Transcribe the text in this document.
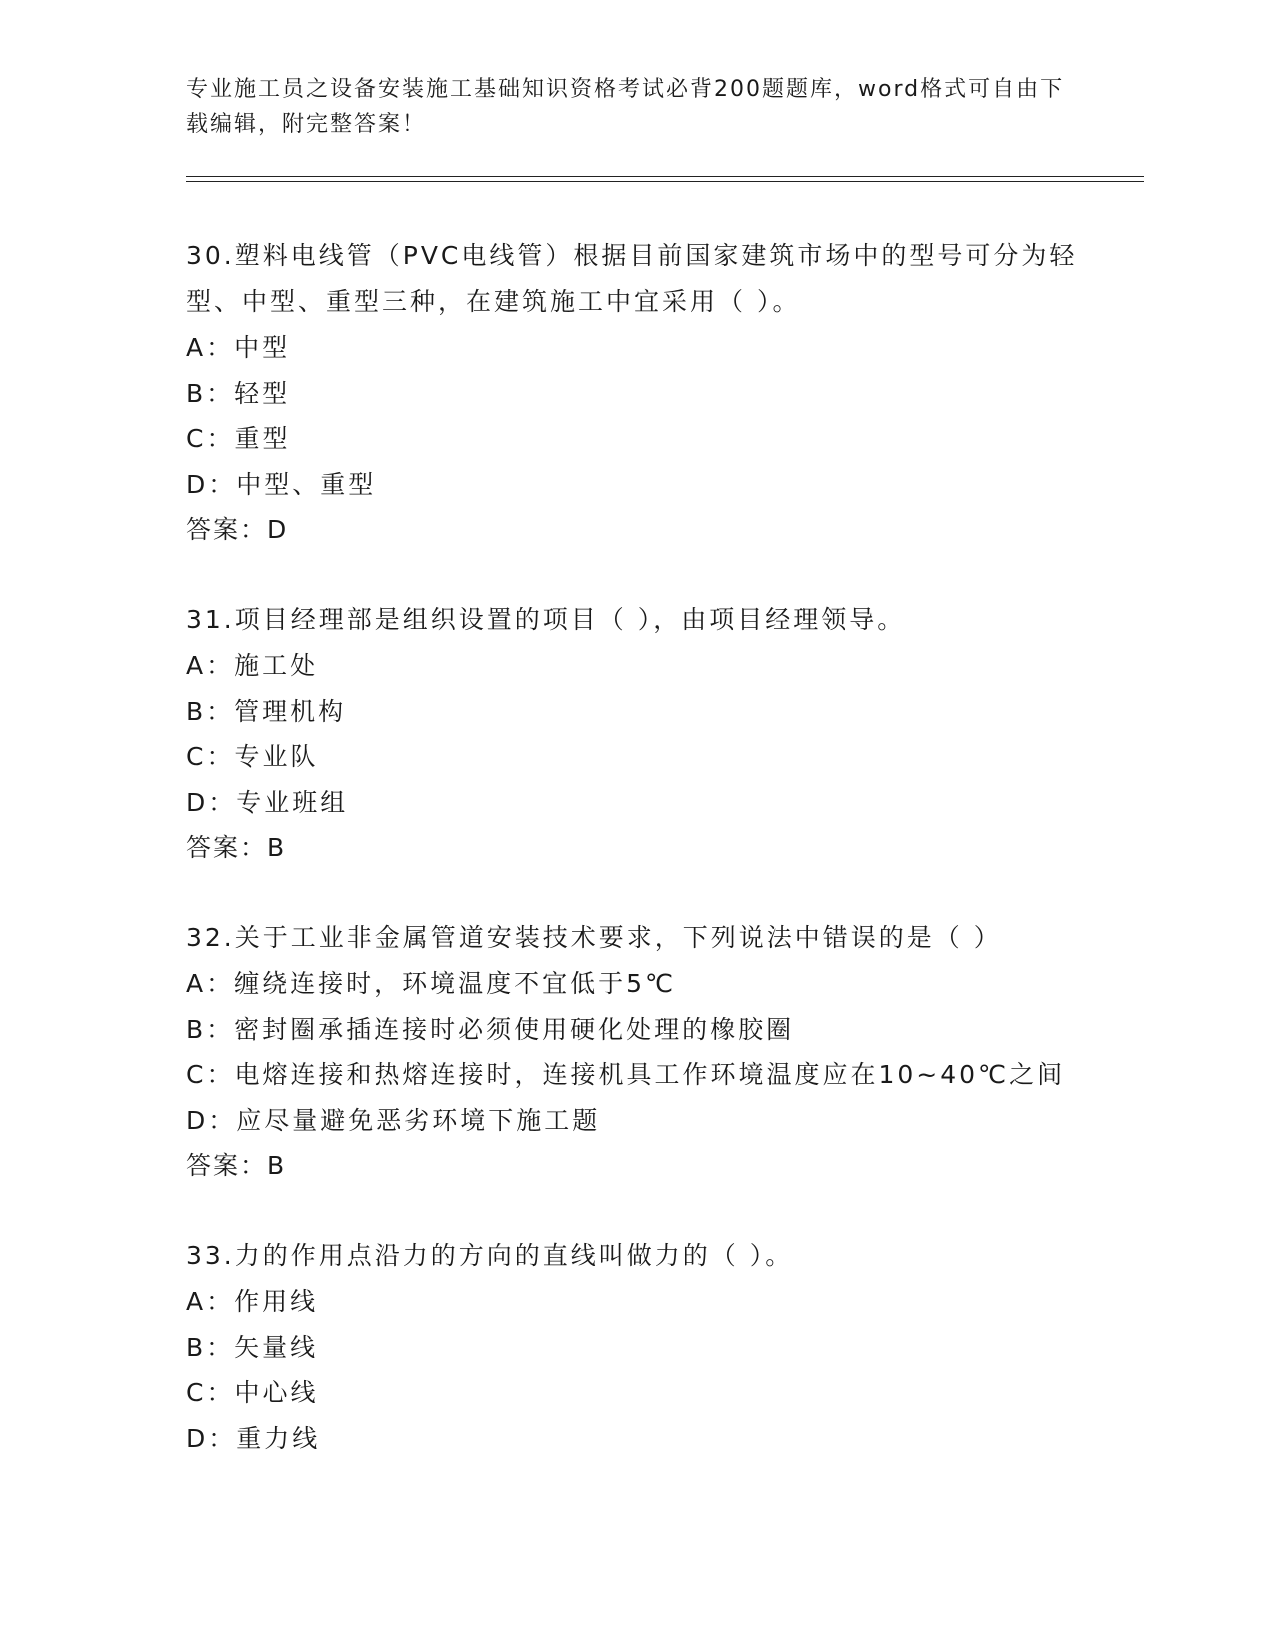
专业施工员之设备安装施工基础知识资格考试必背200题题库，word格式可自由下载编辑，附完整答案！

30.塑料电线管（PVC电线管）根据目前国家建筑市场中的型号可分为轻型、中型、重型三种，在建筑施工中宜采用（ ）。

A：中型

B：轻型

C：重型

D：中型、重型

答案：D

31.项目经理部是组织设置的项目（ ），由项目经理领导。

A：施工处

B：管理机构

C：专业队

D：专业班组

答案：B

32.关于工业非金属管道安装技术要求，下列说法中错误的是（ ）

A：缠绕连接时，环境温度不宜低于5℃

B：密封圈承插连接时必须使用硬化处理的橡胶圈

C：电熔连接和热熔连接时，连接机具工作环境温度应在10~40℃之间

D：应尽量避免恶劣环境下施工题

答案：B

33.力的作用点沿力的方向的直线叫做力的（ ）。

A：作用线

B：矢量线

C：中心线

D：重力线
